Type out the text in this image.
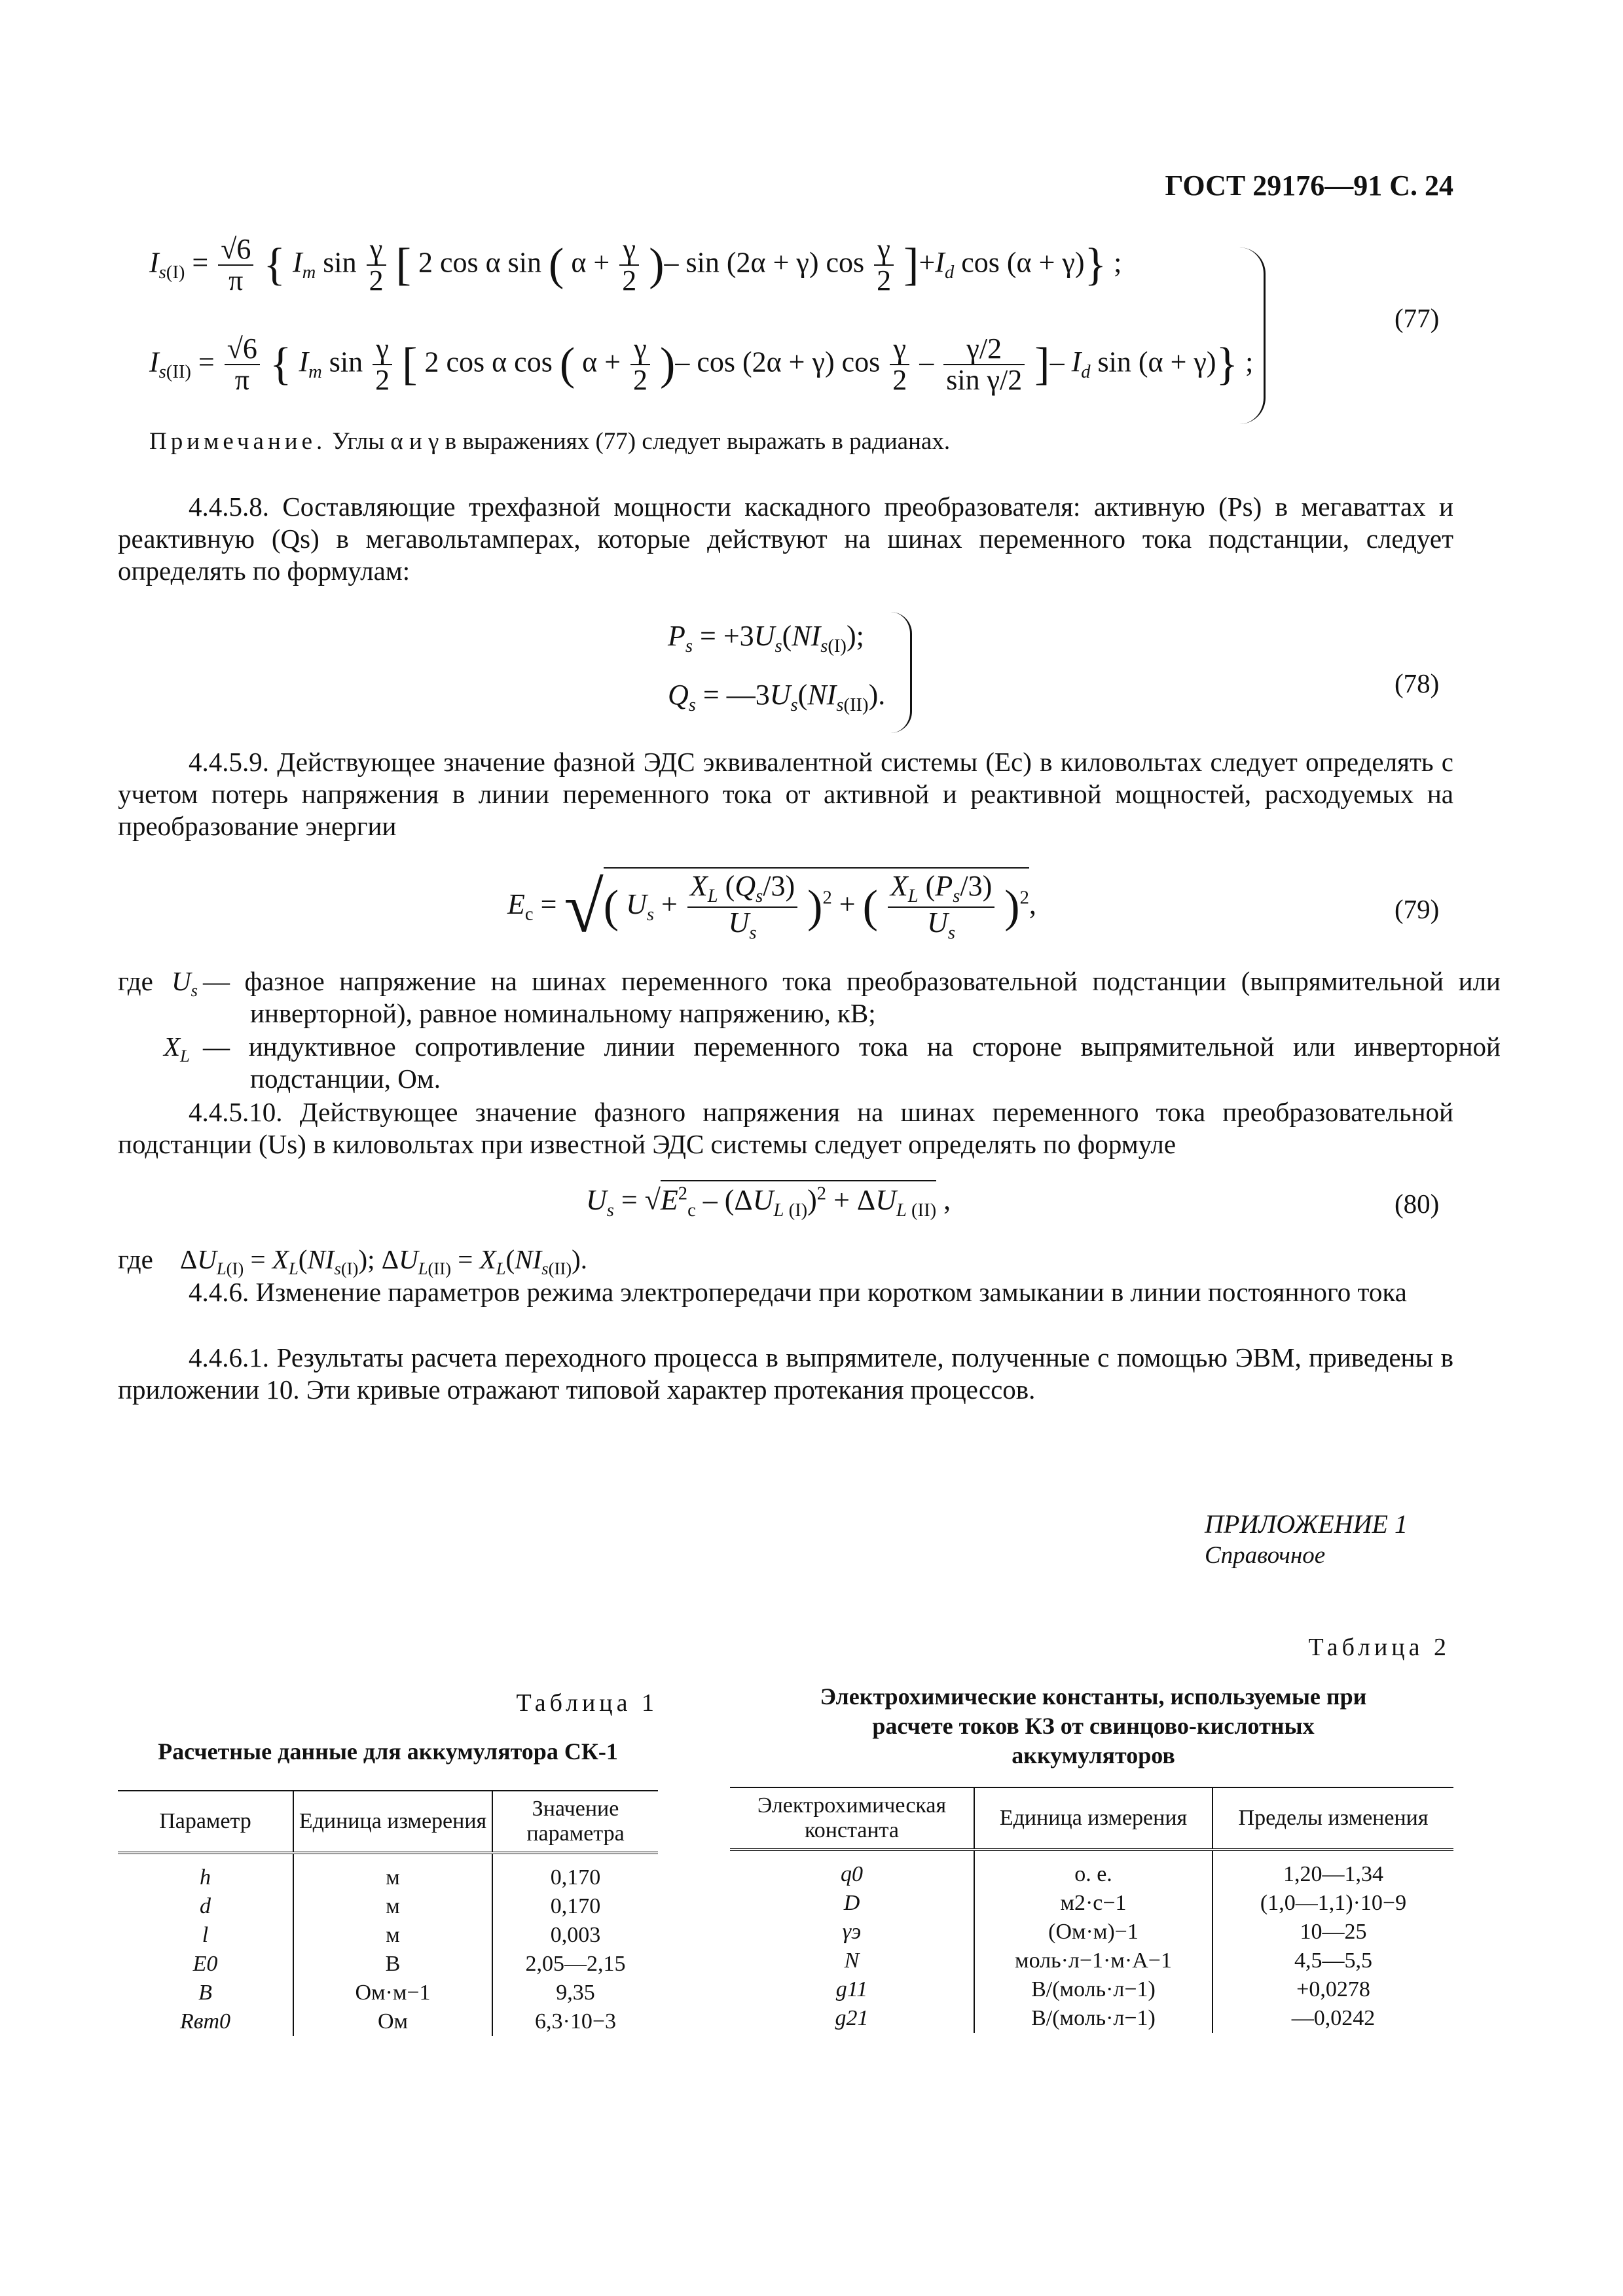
ГОСТ 29176—91 С. 24
$I_{s(I)} = \frac{√6}{\pi}$ { $I_m$ $\sin \frac{\gamma}{2}$ [ 2 cos α sin ( $\alpha + \frac{\gamma}{2}$ )– sin (2α + γ) $\cos \frac{\gamma}{2} ]+I_d$ cos (α + γ)} ;
$I_{s(II)} = \frac{√6}{\pi}$ { $I_m$ $\sin \frac{\gamma}{2}$ [ 2 cos α cos ( $\alpha + \frac{\gamma}{2}$ )– cos (2α + γ) $\cos \frac{\gamma}{2} - \frac{\gamma/2}{\text{sin γ/2}}$ ]– $I_d$ sin (α + γ)} ;
(77)
Примечание. Углы α и γ в выражениях (77) следует выражать в радианах.
4.4.5.8. Составляющие трехфазной мощности каскадного преобразователя: активную (Ps) в мегаваттах и реактивную (Qs) в мегавольтамперах, которые действуют на шинах переменного тока подстанции, следует определять по формулам:
$P_s = +3U_s(NI_{s(I)})$;
$Q_s$ = $—3U_s(NI_{s(II)})$.	(78)
4.4.5.9. Действующее значение фазной ЭДС эквивалентной системы (Eс) в киловольтах следует определять с учетом потерь напряжения в линии переменного тока от активной и реактивной мощностей, расходуемых на преобразование энергии
$E_с$ = √( $U_s + \frac{X_L (Q_s/3)}{U_s} )^2$ + ( $\frac{X_L (P_s/3)}{U_s} )^2$,	(79)
где $U_s$ — фазное напряжение на шинах переменного тока преобразовательной подстанции (выпрямительной или инверторной), равное номинальному напряжению, кВ;
$X_L$ — индуктивное сопротивление линии переменного тока на стороне выпрямительной или инверторной подстанции, Ом.
4.4.5.10. Действующее значение фазного напряжения на шинах переменного тока преобразовательной подстанции (Us) в киловольтах при известной ЭДС системы следует определять по формуле
$U_s = √E^2_с - (\Delta U_{L (I)})^2 + \Delta U_{L (II)}$ ,	(80)
где    $\Delta U_{L(I)} = X_L(NI_{s(I)})$; $\Delta U_{L(II)} = X_L(NI_{s(II)})$.
4.4.6. Изменение параметров режима электропередачи при коротком замыкании в линии постоянного тока
4.4.6.1. Результаты расчета переходного процесса в выпрямителе, полученные с помощью ЭВМ, приведены в приложении 10. Эти кривые отражают типовой характер протекания процессов.
ПРИЛОЖЕНИЕ 1
Справочное
Таблица 1
Расчетные данные для аккумулятора СК-1
Параметр	Единица измерения	Значение параметра
h	м	0,170
d	м	0,170
l	м	0,003
E0	В	2,05—2,15
B	Ом·м−1	9,35
Rвт0	Ом	6,3·10−3
Таблица 2
Электрохимические константы, используемые при расчете токов КЗ от свинцово-кислотных аккумуляторов
Электрохимическая константа	Единица измерения	Пределы изменения
q0	о. е.	1,20—1,34
D	м2·с−1	(1,0—1,1)·10−9
γэ	(Ом·м)−1	10—25
N	моль·л−1·м·А−1	4,5—5,5
g11	В/(моль·л−1)	+0,0278
g21	В/(моль·л−1)	—0,0242
